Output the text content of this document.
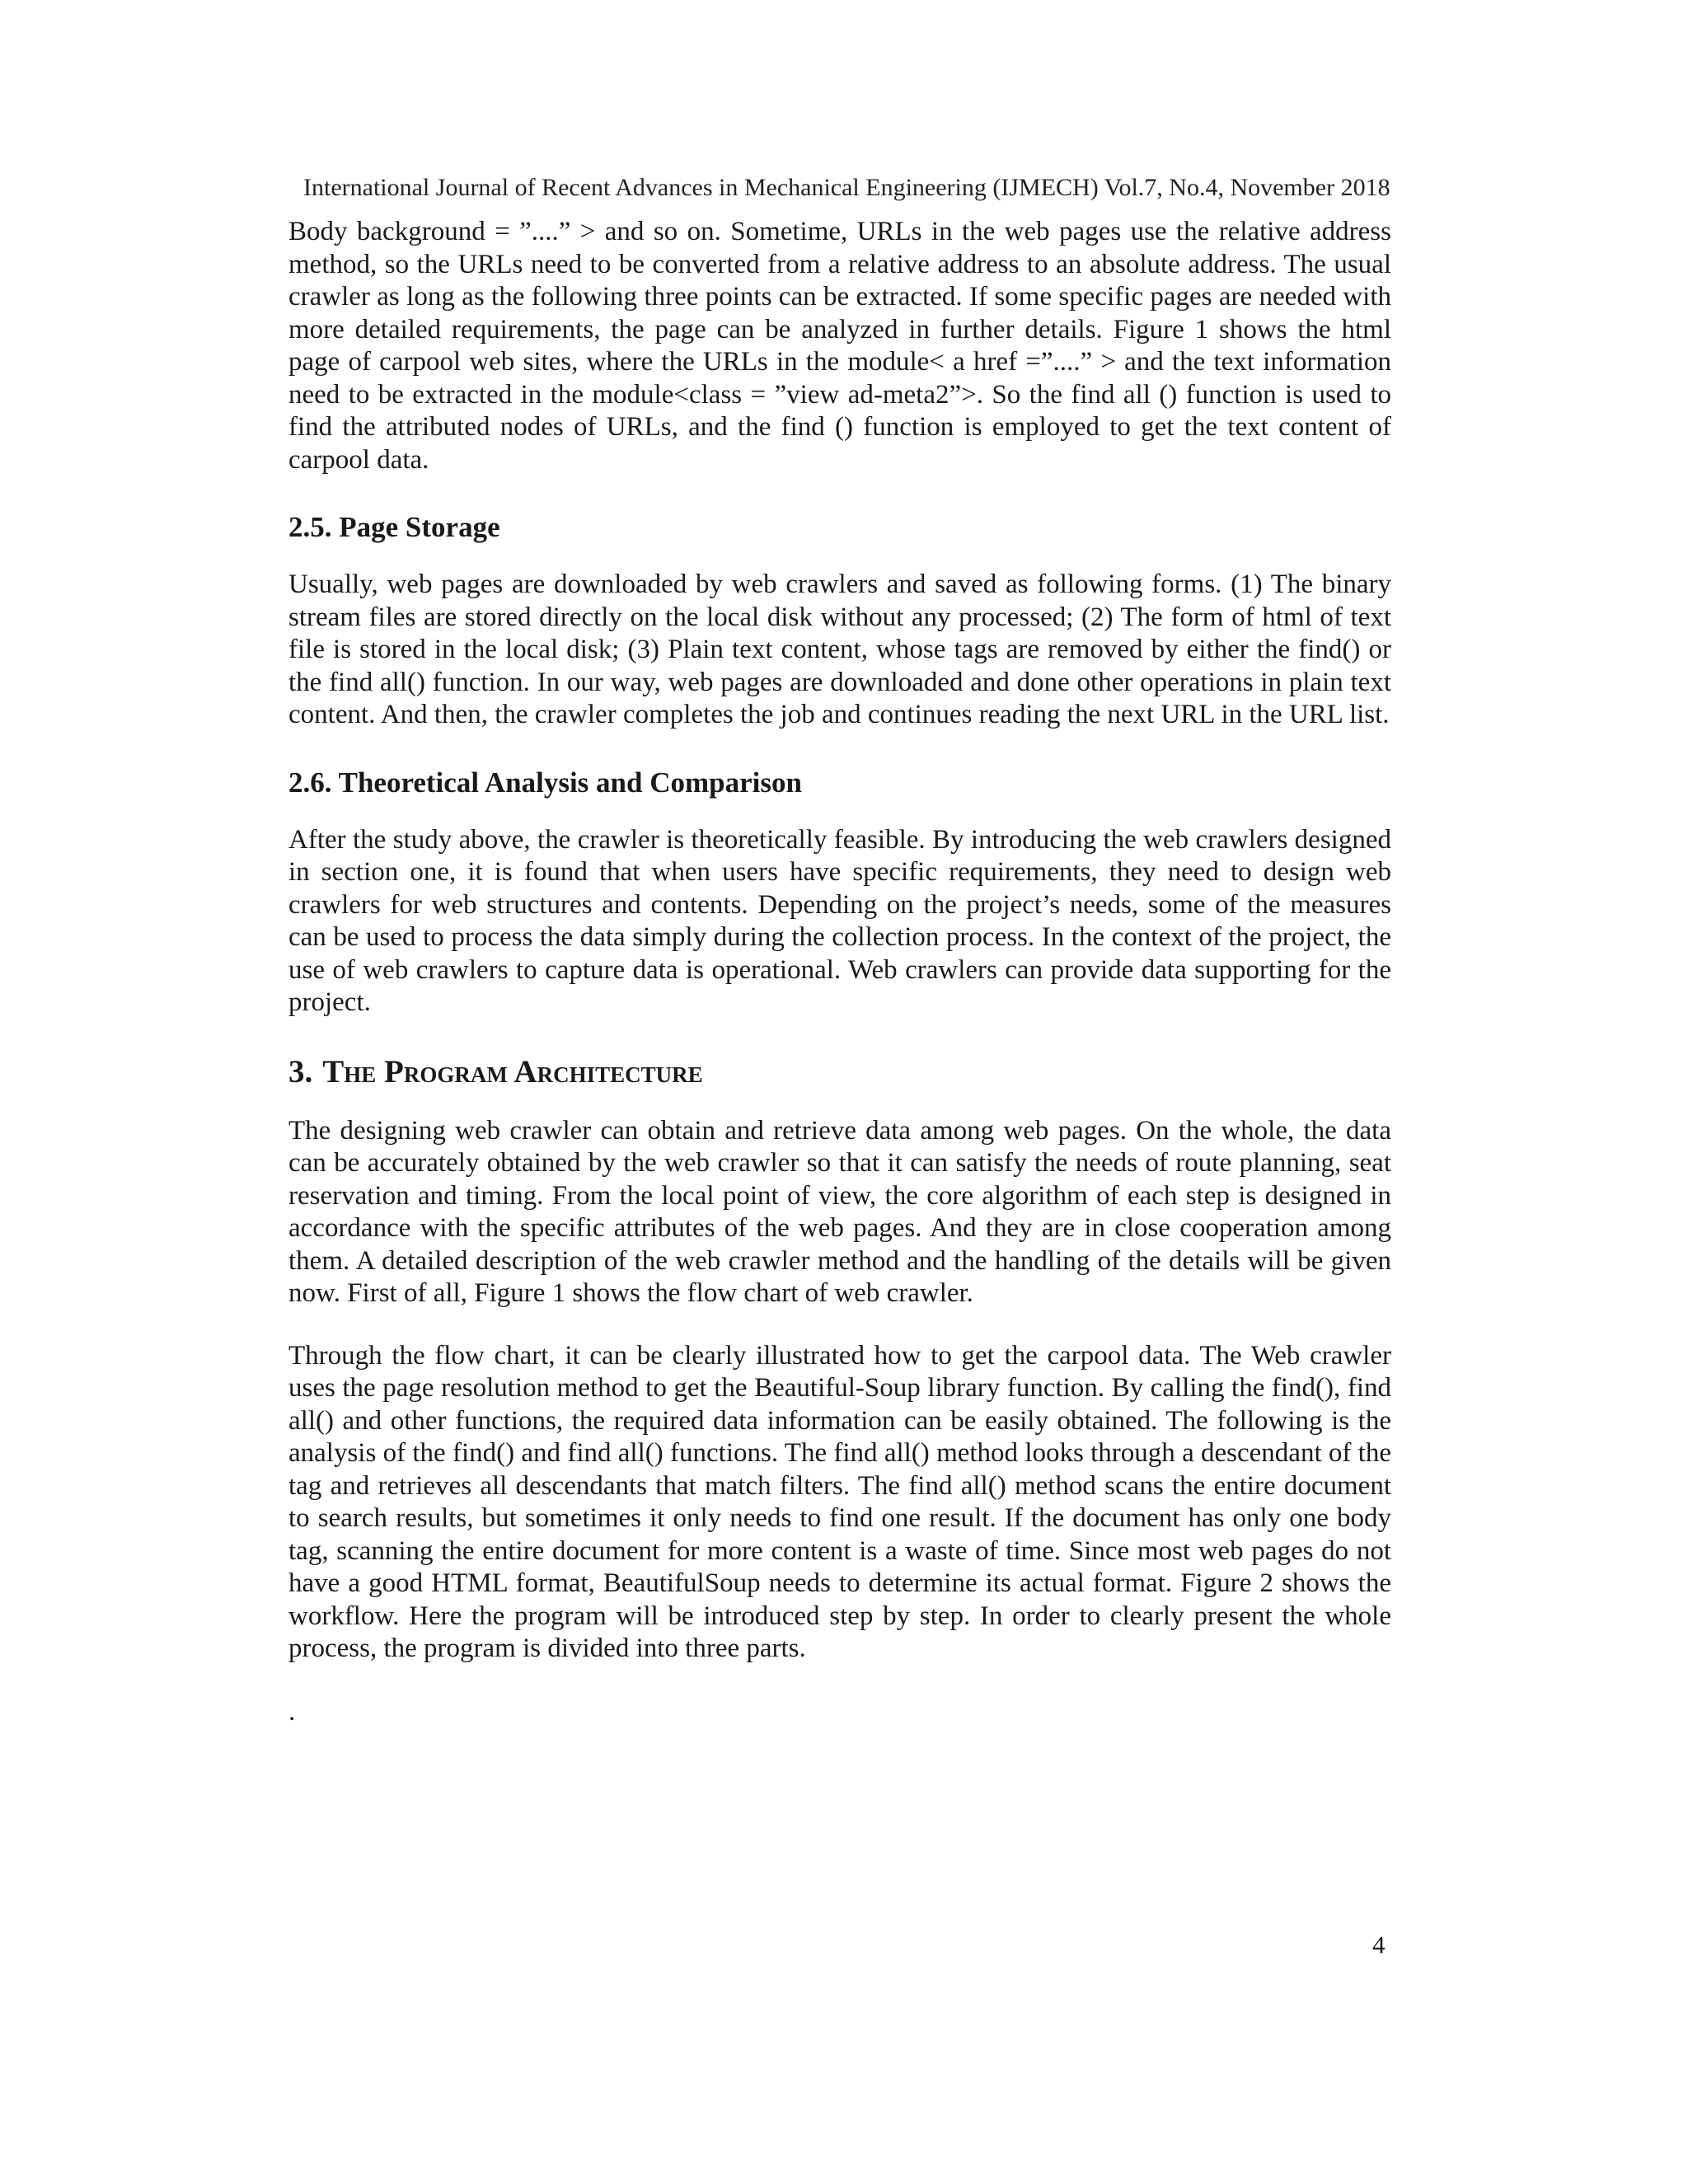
International Journal of Recent Advances in Mechanical Engineering (IJMECH) Vol.7, No.4, November 2018

Body background = ”....” > and so on. Sometime, URLs in the web pages use the relative address method, so the URLs need to be converted from a relative address to an absolute address. The usual crawler as long as the following three points can be extracted. If some specific pages are needed with more detailed requirements, the page can be analyzed in further details. Figure 1 shows the html page of carpool web sites, where the URLs in the module< a href =”....” > and the text information need to be extracted in the module<class = ”view ad-meta2”>. So the find all () function is used to find the attributed nodes of URLs, and the find () function is employed to get the text content of carpool data.

2.5. Page Storage

Usually, web pages are downloaded by web crawlers and saved as following forms. (1) The binary stream files are stored directly on the local disk without any processed; (2) The form of html of text file is stored in the local disk; (3) Plain text content, whose tags are removed by either the find() or the find all() function. In our way, web pages are downloaded and done other operations in plain text content. And then, the crawler completes the job and continues reading the next URL in the URL list.

2.6. Theoretical Analysis and Comparison

After the study above, the crawler is theoretically feasible. By introducing the web crawlers designed in section one, it is found that when users have specific requirements, they need to design web crawlers for web structures and contents. Depending on the project’s needs, some of the measures can be used to process the data simply during the collection process. In the context of the project, the use of web crawlers to capture data is operational. Web crawlers can provide data supporting for the project.

3. The Program Architecture

The designing web crawler can obtain and retrieve data among web pages. On the whole, the data can be accurately obtained by the web crawler so that it can satisfy the needs of route planning, seat reservation and timing. From the local point of view, the core algorithm of each step is designed in accordance with the specific attributes of the web pages. And they are in close cooperation among them. A detailed description of the web crawler method and the handling of the details will be given now. First of all, Figure 1 shows the flow chart of web crawler.

Through the flow chart, it can be clearly illustrated how to get the carpool data. The Web crawler uses the page resolution method to get the Beautiful-Soup library function. By calling the find(), find all() and other functions, the required data information can be easily obtained. The following is the analysis of the find() and find all() functions. The find all() method looks through a descendant of the tag and retrieves all descendants that match filters. The find all() method scans the entire document to search results, but sometimes it only needs to find one result. If the document has only one body tag, scanning the entire document for more content is a waste of time. Since most web pages do not have a good HTML format, BeautifulSoup needs to determine its actual format. Figure 2 shows the workflow. Here the program will be introduced step by step. In order to clearly present the whole process, the program is divided into three parts.

.

4
